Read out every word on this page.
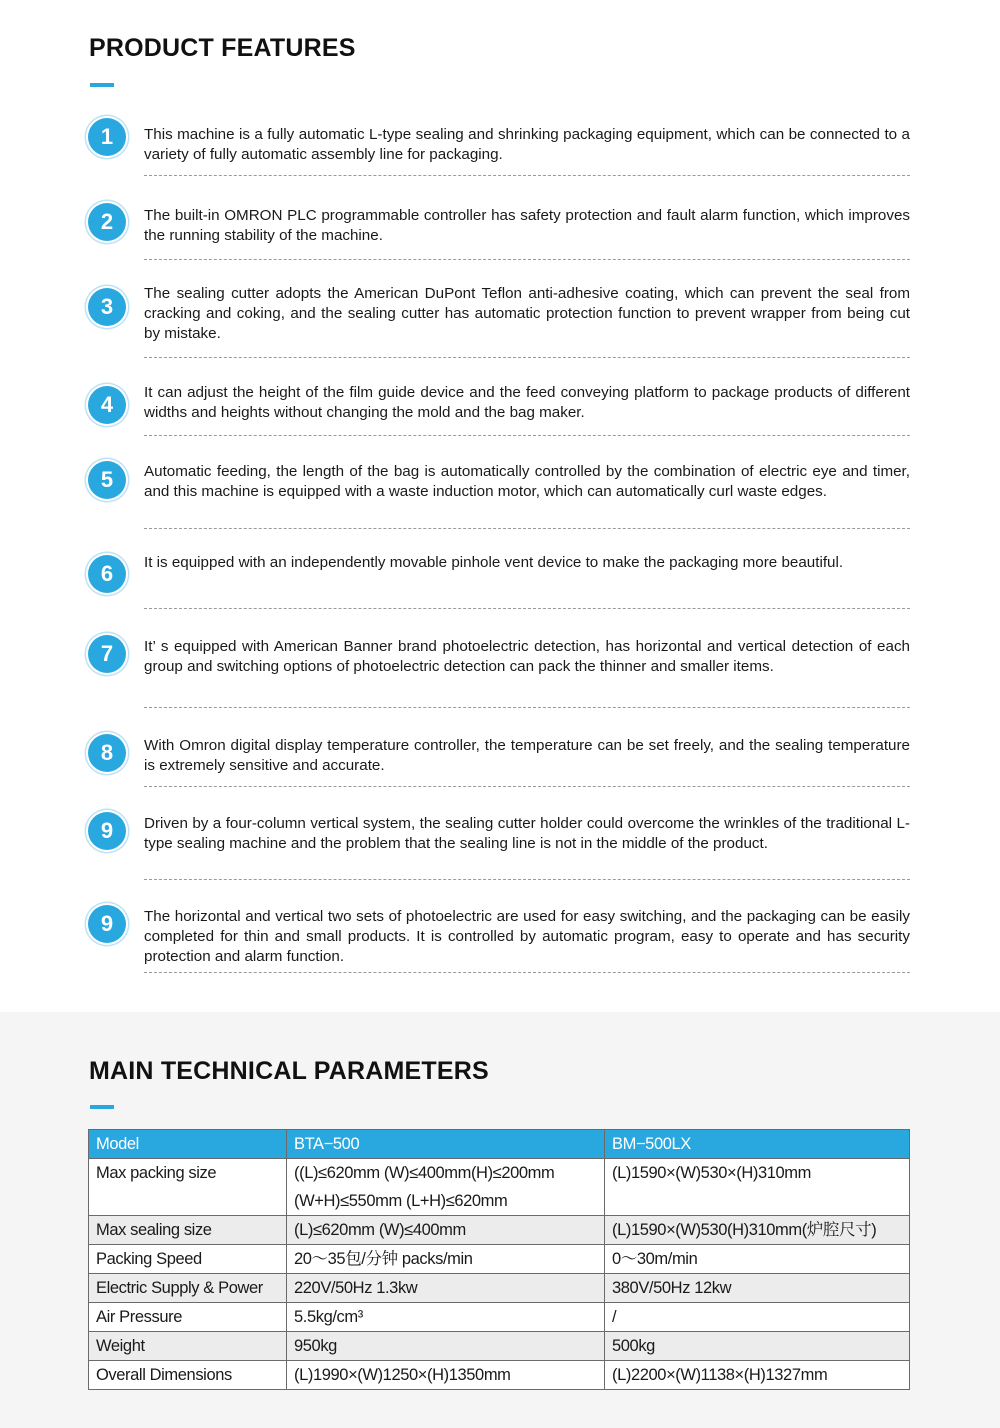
PRODUCT FEATURES
1	This machine is a fully automatic L-type sealing and shrinking packaging equipment, which can be connected to a variety of fully automatic assembly line for packaging.
2	The built-in OMRON PLC programmable controller has safety protection and fault alarm function, which improves the running stability of the machine.
3
The sealing cutter adopts the American DuPont Teflon anti-adhesive coating, which can prevent the seal from cracking and coking, and the sealing cutter has automatic protection function to prevent wrapper from being cut by mistake.
4	It can adjust the height of the film guide device and the feed conveying platform to package products of different widths and heights without changing the mold and the bag maker.
5	Automatic feeding, the length of the bag is automatically controlled by the combination of electric eye and timer, and this machine is equipped with a waste induction motor, which can automatically curl waste edges.
6	It is equipped with an independently movable pinhole vent device to make the packaging more beautiful.
7	It’ s equipped with American Banner brand photoelectric detection, has horizontal and vertical detection of each group and switching options of photoelectric detection can pack the thinner and smaller items.
8	With Omron digital display temperature controller, the temperature can be set freely, and the sealing temperature is extremely sensitive and accurate.
9	Driven by a four-column vertical system, the sealing cutter holder could overcome the wrinkles of the traditional L-type sealing machine and the problem that the sealing line is not in the middle of the product.
9	The horizontal and vertical two sets of photoelectric are used for easy switching, and the packaging can be easily completed for thin and small products. It is controlled by automatic program, easy to operate and has security protection and alarm function.
MAIN TECHNICAL PARAMETERS
Model	BTA−500	BM−500LX
Max packing size	((L)≤620mm (W)≤400mm(H)≤200mm	(L)1590×(W)530×(H)310mm
	(W+H)≤550mm (L+H)≤620mm	
Max sealing size	(L)≤620mm (W)≤400mm	(L)1590×(W)530(H)310mm(炉腔尺寸)
Packing Speed	20～35包/分钟 packs/min	0～30m/min
Electric Supply & Power	220V/50Hz 1.3kw	380V/50Hz 12kw
Air Pressure	5.5kg/cm³	/
Weight	950kg	500kg
Overall Dimensions	(L)1990×(W)1250×(H)1350mm	(L)2200×(W)1138×(H)1327mm
